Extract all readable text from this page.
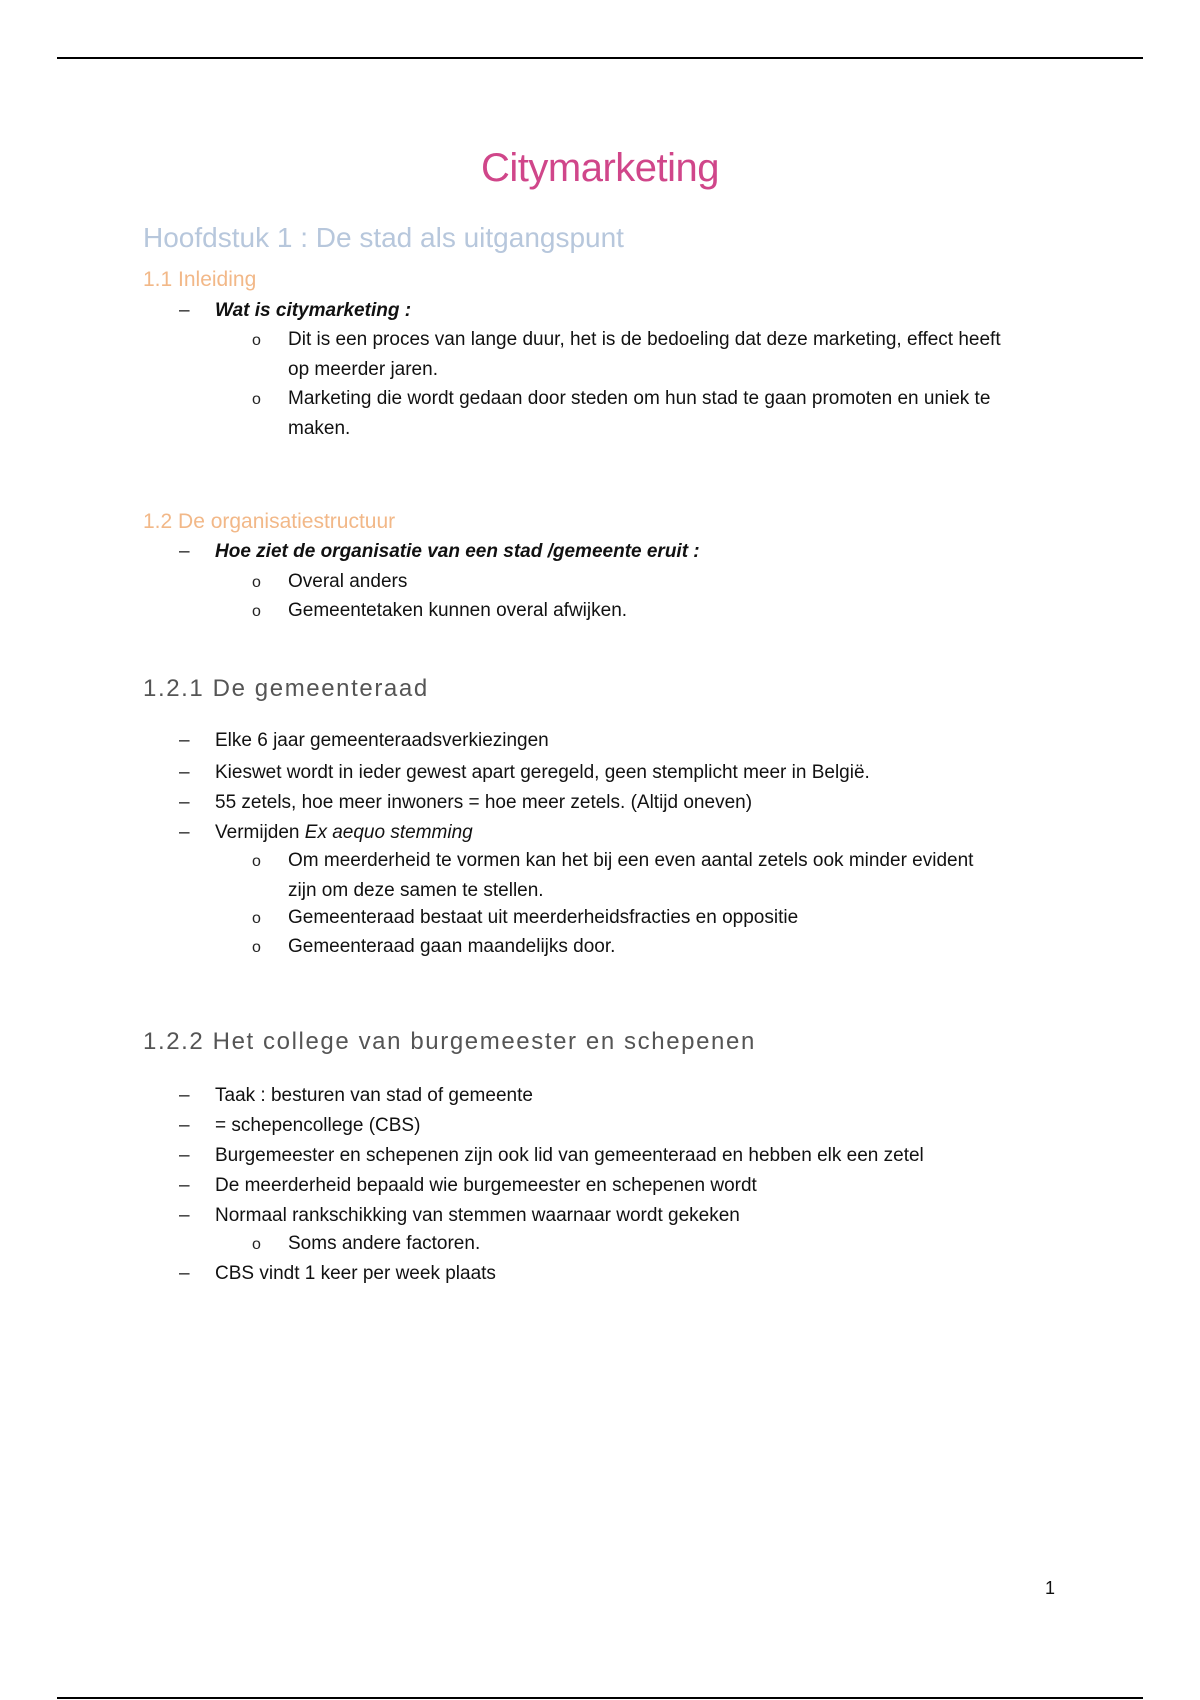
Citymarketing
Hoofdstuk 1 : De stad als uitgangspunt
1.1 Inleiding
– Wat is citymarketing :
o Dit is een proces van lange duur, het is de bedoeling dat deze marketing, effect heeft
op meerder jaren.
o Marketing die wordt gedaan door steden om hun stad te gaan promoten en uniek te
maken.
1.2 De organisatiestructuur
– Hoe ziet de organisatie van een stad /gemeente eruit :
o Overal anders
o Gemeentetaken kunnen overal afwijken.
1.2.1 De gemeenteraad
– Elke 6 jaar gemeenteraadsverkiezingen
– Kieswet wordt in ieder gewest apart geregeld, geen stemplicht meer in België.
– 55 zetels, hoe meer inwoners = hoe meer zetels. (Altijd oneven)
– Vermijden Ex aequo stemming
o Om meerderheid te vormen kan het bij een even aantal zetels ook minder evident
zijn om deze samen te stellen.
o Gemeenteraad bestaat uit meerderheidsfracties en oppositie
o Gemeenteraad gaan maandelijks door.
1.2.2 Het college van burgemeester en schepenen
– Taak : besturen van stad of gemeente
– = schepencollege (CBS)
– Burgemeester en schepenen zijn ook lid van gemeenteraad en hebben elk een zetel
– De meerderheid bepaald wie burgemeester en schepenen wordt
– Normaal rankschikking van stemmen waarnaar wordt gekeken
o Soms andere factoren.
– CBS vindt 1 keer per week plaats
1
